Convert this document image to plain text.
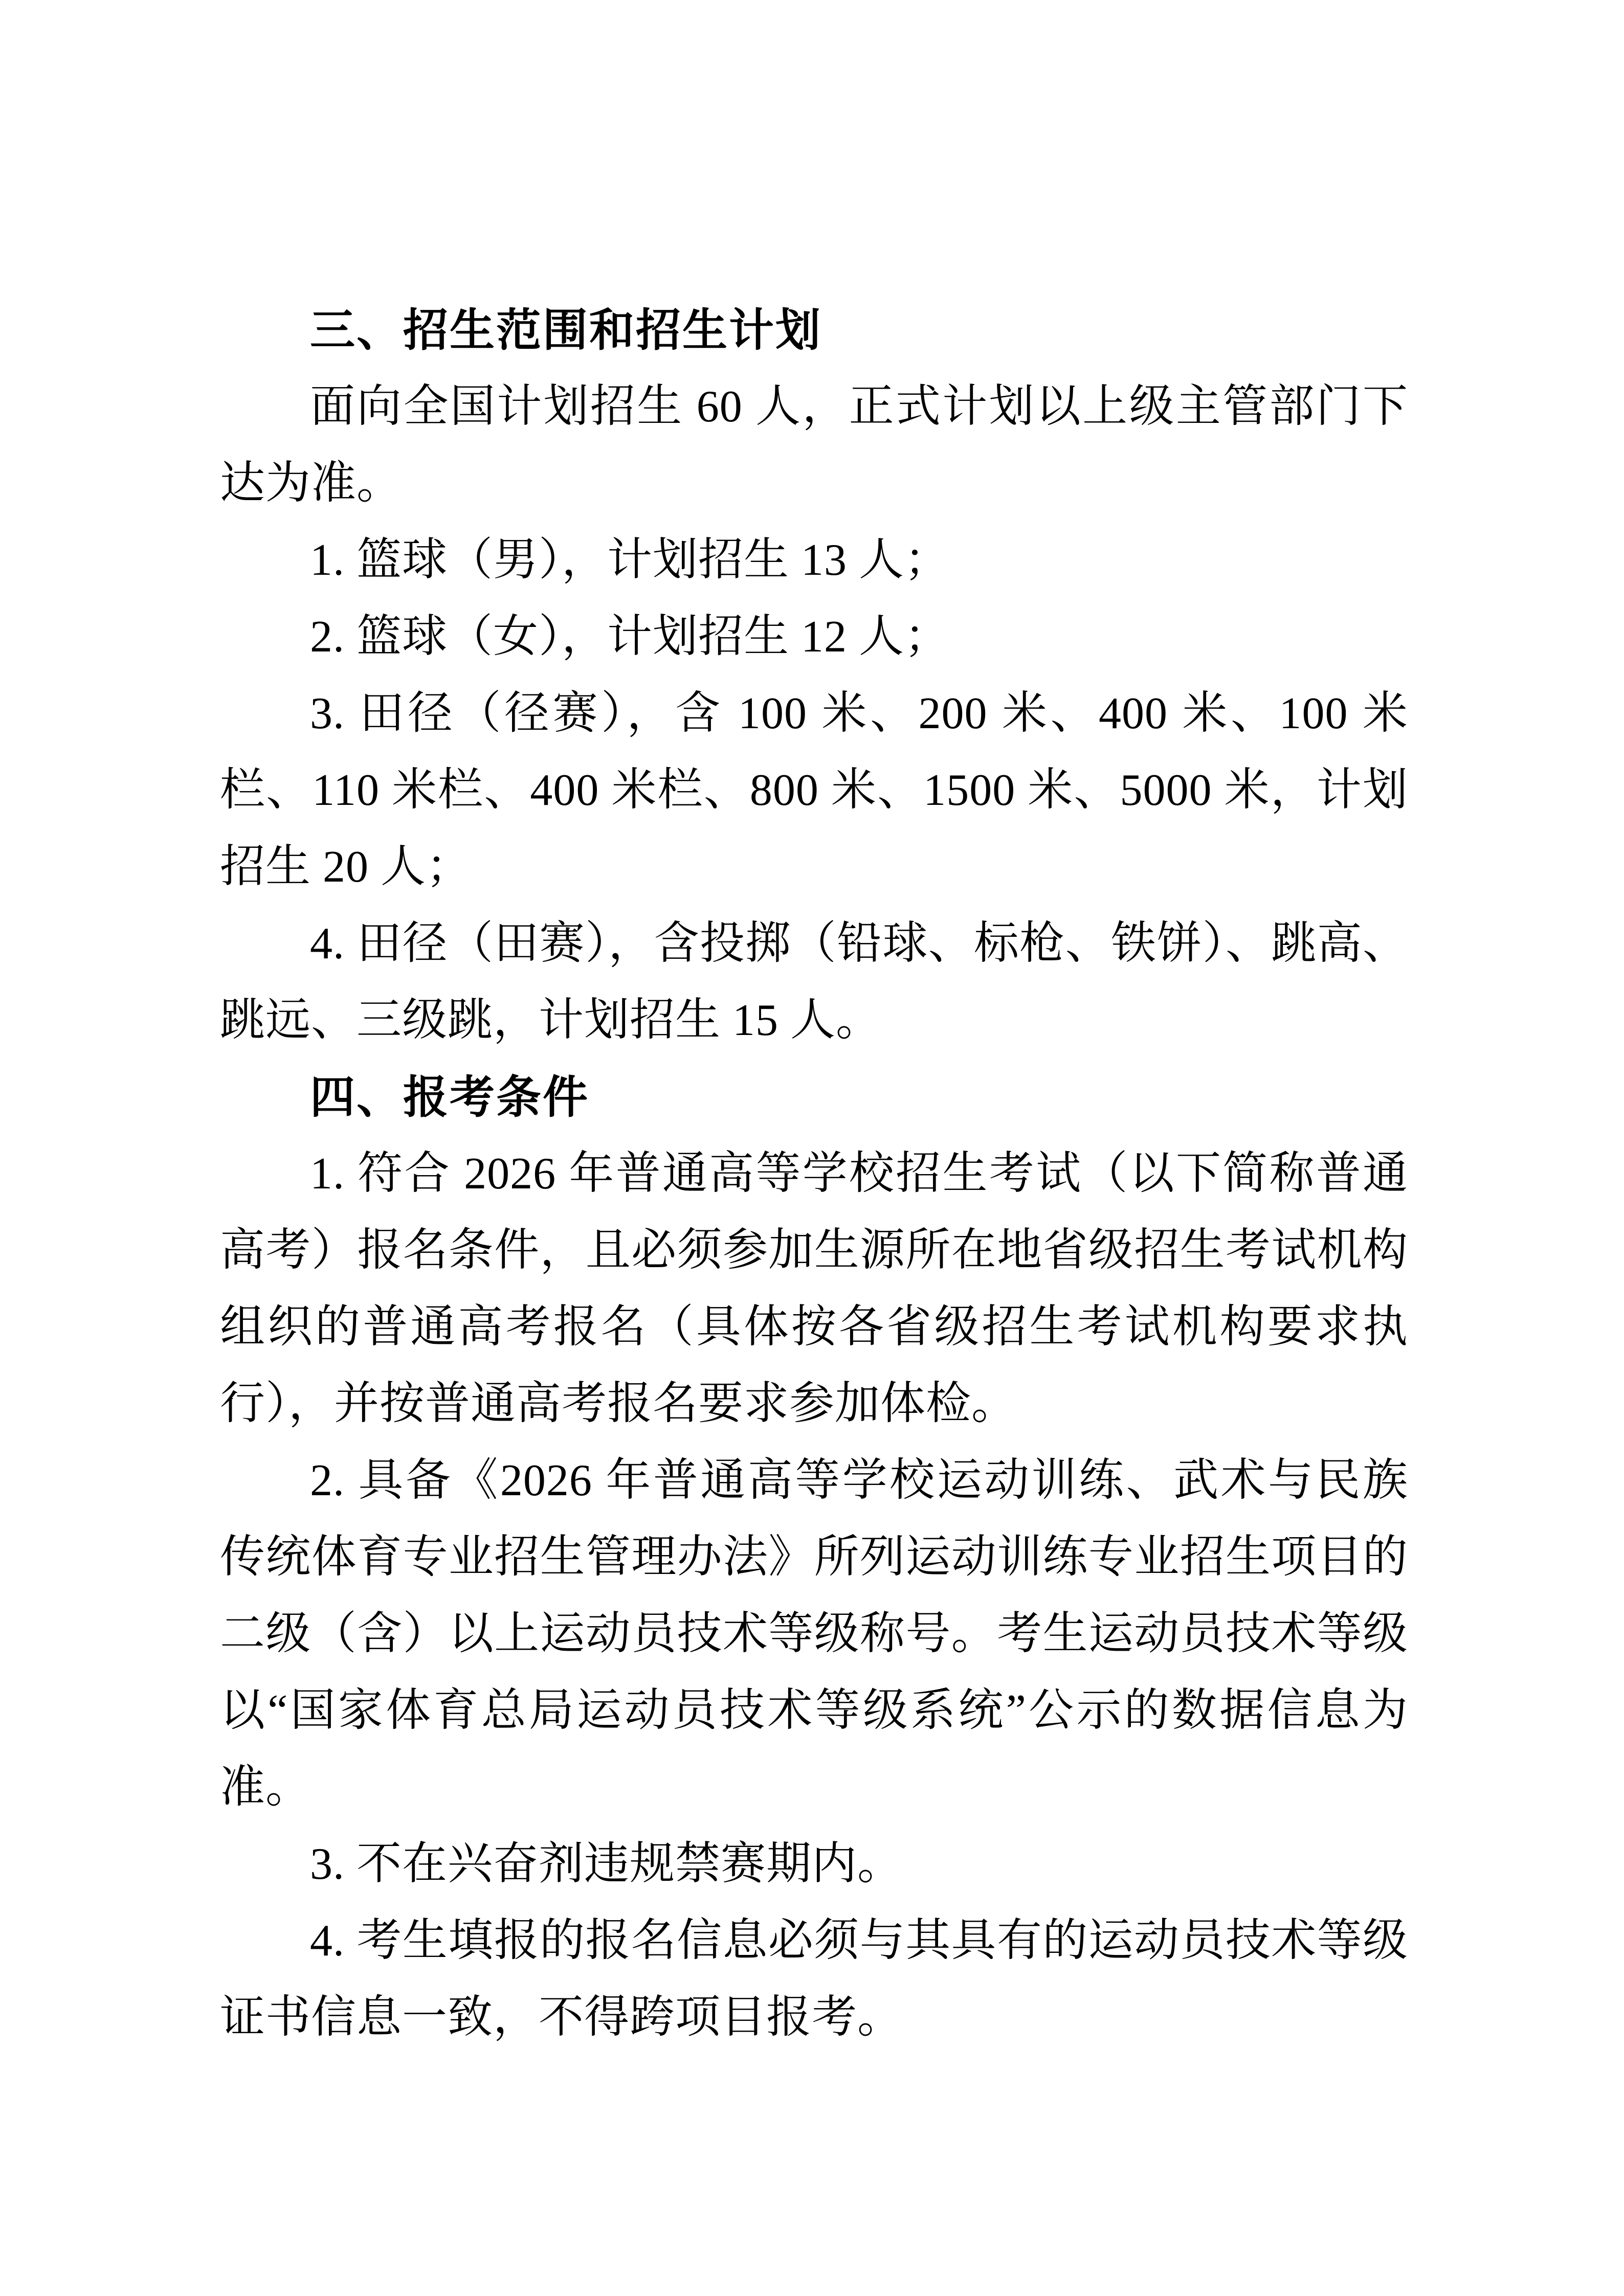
三、招生范围和招生计划

面向全国计划招生 60 人，正式计划以上级主管部门下达为准。

1. 篮球（男），计划招生 13 人；

2. 篮球（女），计划招生 12 人；

3. 田径（径赛），含 100 米、200 米、400 米、100 米栏、110 米栏、400 米栏、800 米、1500 米、5000 米，计划招生 20 人；

4. 田径（田赛），含投掷（铅球、标枪、铁饼）、跳高、跳远、三级跳，计划招生 15 人。

四、报考条件

1. 符合 2026 年普通高等学校招生考试（以下简称普通高考）报名条件，且必须参加生源所在地省级招生考试机构组织的普通高考报名（具体按各省级招生考试机构要求执行），并按普通高考报名要求参加体检。

2. 具备《2026 年普通高等学校运动训练、武术与民族传统体育专业招生管理办法》所列运动训练专业招生项目的二级（含）以上运动员技术等级称号。考生运动员技术等级以“国家体育总局运动员技术等级系统”公示的数据信息为准。

3. 不在兴奋剂违规禁赛期内。

4. 考生填报的报名信息必须与其具有的运动员技术等级证书信息一致，不得跨项目报考。
